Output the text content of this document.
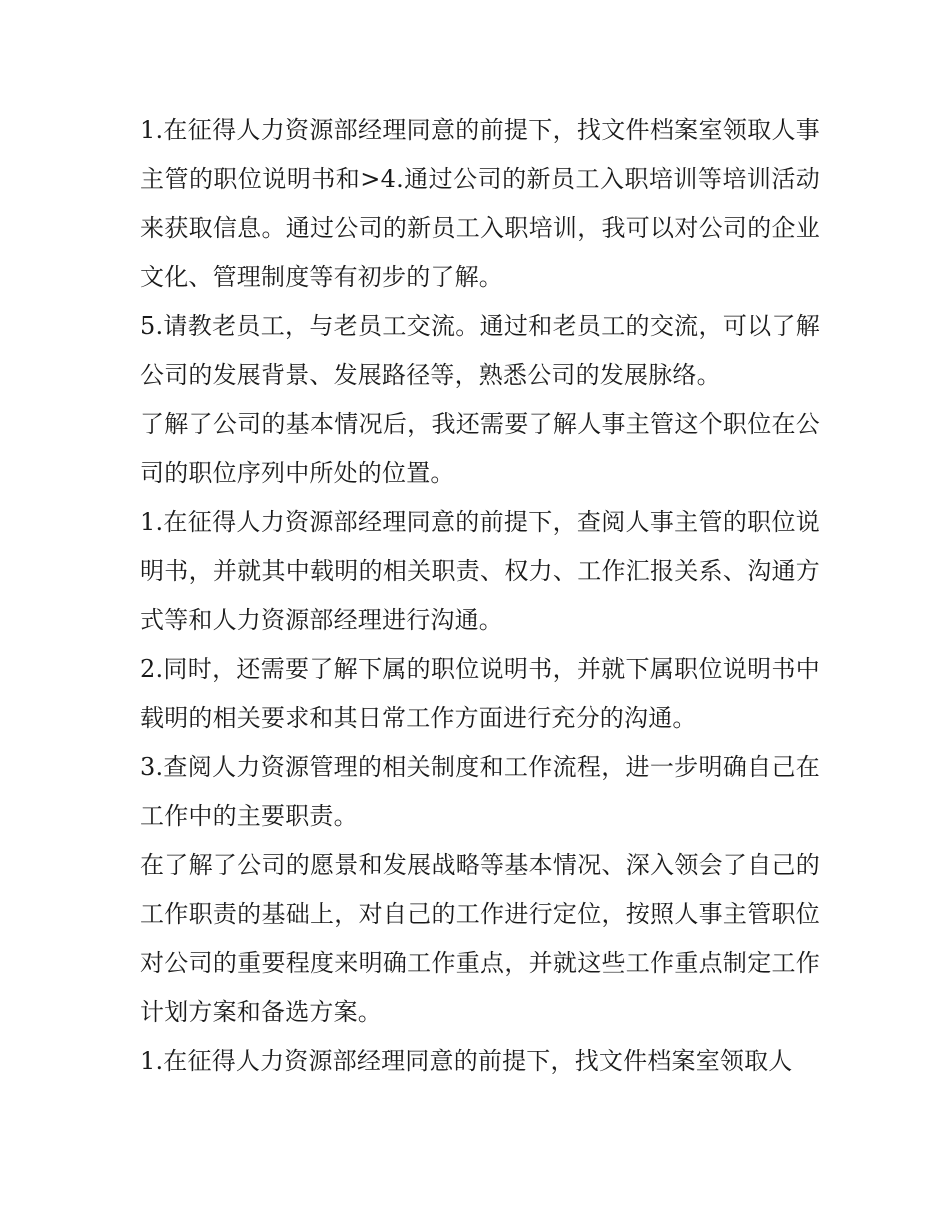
1.在征得人力资源部经理同意的前提下，找文件档案室领取人事主管的职位说明书和>4.通过公司的新员工入职培训等培训活动来获取信息。通过公司的新员工入职培训，我可以对公司的企业文化、管理制度等有初步的了解。

5.请教老员工，与老员工交流。通过和老员工的交流，可以了解公司的发展背景、发展路径等，熟悉公司的发展脉络。

了解了公司的基本情况后，我还需要了解人事主管这个职位在公司的职位序列中所处的位置。

1.在征得人力资源部经理同意的前提下，查阅人事主管的职位说明书，并就其中载明的相关职责、权力、工作汇报关系、沟通方式等和人力资源部经理进行沟通。

2.同时，还需要了解下属的职位说明书，并就下属职位说明书中载明的相关要求和其日常工作方面进行充分的沟通。

3.查阅人力资源管理的相关制度和工作流程，进一步明确自己在工作中的主要职责。

在了解了公司的愿景和发展战略等基本情况、深入领会了自己的工作职责的基础上，对自己的工作进行定位，按照人事主管职位对公司的重要程度来明确工作重点，并就这些工作重点制定工作计划方案和备选方案。

1.在征得人力资源部经理同意的前提下，找文件档案室领取人
